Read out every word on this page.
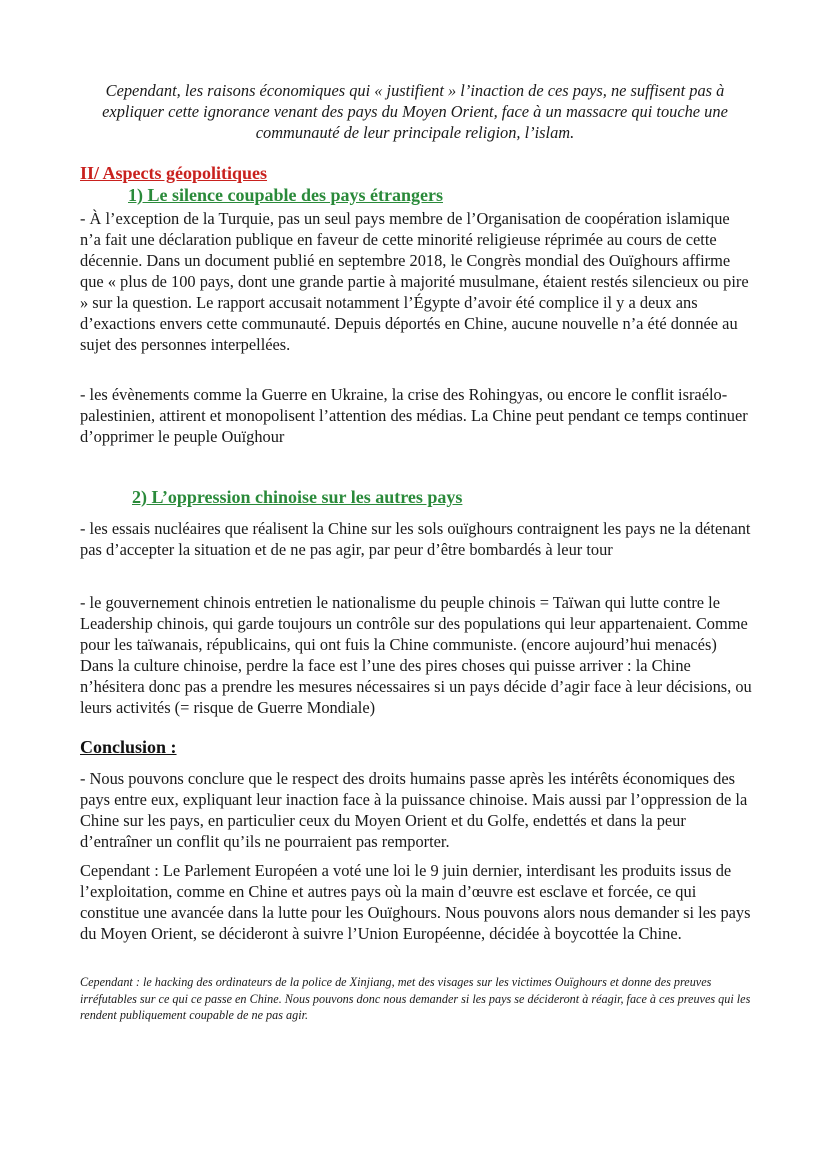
Cependant, les raisons économiques qui « justifient » l’inaction de ces pays, ne suffisent pas à expliquer cette ignorance venant des pays du Moyen Orient, face à un massacre qui touche une communauté de leur principale religion, l’islam.

II/ Aspects géopolitiques
1) Le silence coupable des pays étrangers

- À l’exception de la Turquie, pas un seul pays membre de l’Organisation de coopération islamique n’a fait une déclaration publique en faveur de cette minorité religieuse réprimée au cours de cette décennie. Dans un document publié en septembre 2018, le Congrès mondial des Ouïghours affirme que « plus de 100 pays, dont une grande partie à majorité musulmane, étaient restés silencieux ou pire » sur la question. Le rapport accusait notamment l’Égypte d’avoir été complice il y a deux ans d’exactions envers cette communauté. Depuis déportés en Chine, aucune nouvelle n’a été donnée au sujet des personnes interpellées.

- les évènements comme la Guerre en Ukraine, la crise des Rohingyas, ou encore le conflit israélo-palestinien, attirent et monopolisent l’attention des médias. La Chine peut pendant ce temps continuer d’opprimer le peuple Ouïghour

2) L’oppression chinoise sur les autres pays

- les essais nucléaires que réalisent la Chine sur les sols ouïghours contraignent les pays ne la détenant pas d’accepter la situation et de ne pas agir, par peur d’être bombardés à leur tour

- le gouvernement chinois entretien le nationalisme du peuple chinois = Taïwan qui lutte contre le Leadership chinois, qui garde toujours un contrôle sur des populations qui leur appartenaient. Comme pour les taïwanais, républicains, qui ont fuis la Chine communiste. (encore aujourd’hui menacés) Dans la culture chinoise, perdre la face est l’une des pires choses qui puisse arriver : la Chine n’hésitera donc pas a prendre les mesures nécessaires si un pays décide d’agir face à leur décisions, ou leurs activités (= risque de Guerre Mondiale)

Conclusion :

- Nous pouvons conclure que le respect des droits humains passe après les intérêts économiques des pays entre eux, expliquant leur inaction face à la puissance chinoise. Mais aussi par l’oppression de la Chine sur les pays, en particulier ceux du Moyen Orient et du Golfe, endettés et dans la peur d’entraîner un conflit qu’ils ne pourraient pas remporter.

Cependant : Le Parlement Européen a voté une loi le 9 juin dernier, interdisant les produits issus de l’exploitation, comme en Chine et autres pays où la main d’œuvre est esclave et forcée, ce qui constitue une avancée dans la lutte pour les Ouïghours. Nous pouvons alors nous demander si les pays du Moyen Orient, se décideront à suivre l’Union Européenne, décidée à boycottée la Chine.

Cependant : le hacking des ordinateurs de la police de Xinjiang, met des visages sur les victimes Ouïghours et donne des preuves irréfutables sur ce qui ce passe en Chine. Nous pouvons donc nous demander si les pays se décideront à réagir, face à ces preuves qui les rendent publiquement coupable de ne pas agir.
